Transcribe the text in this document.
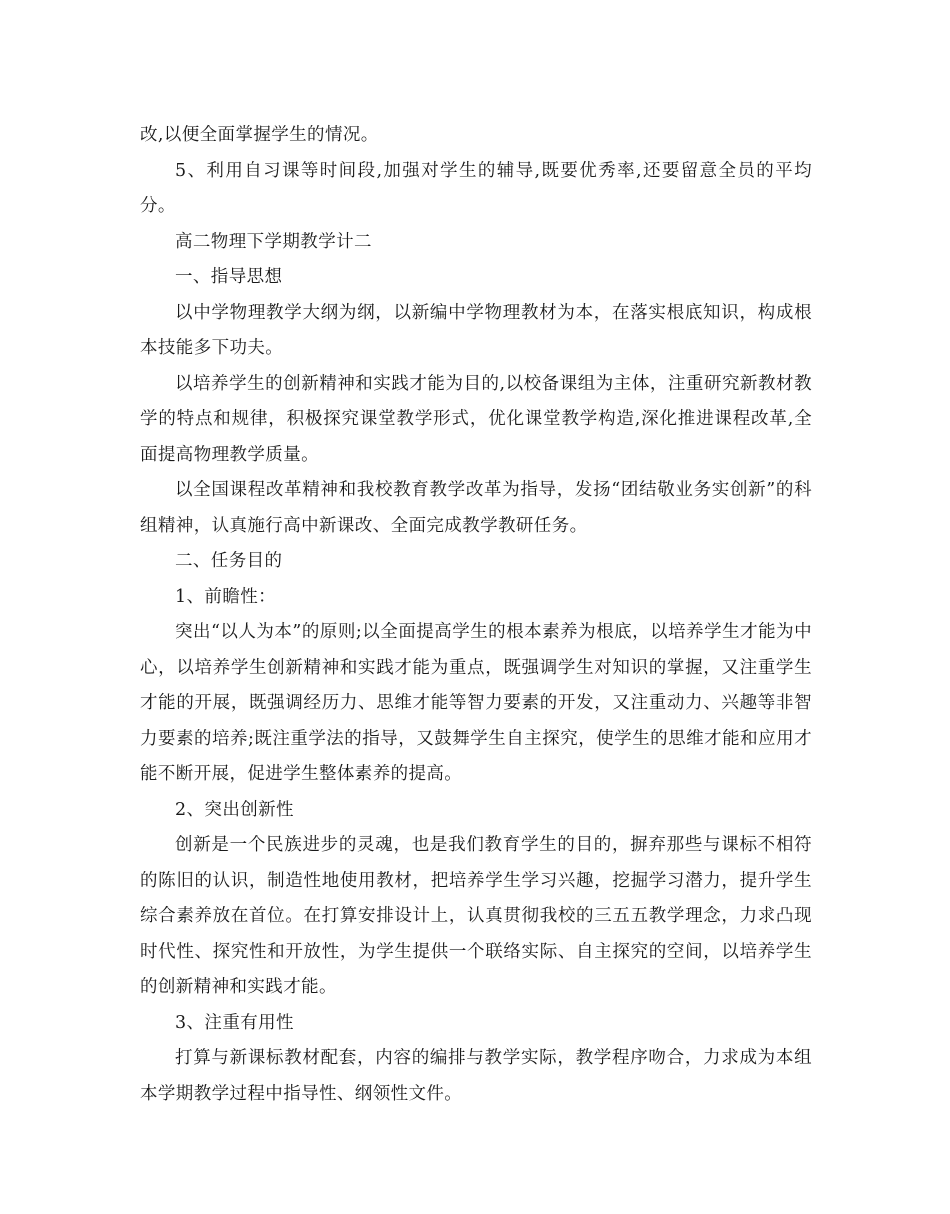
改,以便全面掌握学生的情况。

5、利用自习课等时间段,加强对学生的辅导,既要优秀率,还要留意全员的平均分。

高二物理下学期教学计二

一、指导思想

以中学物理教学大纲为纲，以新编中学物理教材为本，在落实根底知识，构成根本技能多下功夫。

以培养学生的创新精神和实践才能为目的,以校备课组为主体，注重研究新教材教学的特点和规律，积极探究课堂教学形式，优化课堂教学构造,深化推进课程改革,全面提高物理教学质量。

以全国课程改革精神和我校教育教学改革为指导，发扬“团结敬业务实创新”的科组精神，认真施行高中新课改、全面完成教学教研任务。

二、任务目的

1、前瞻性：

突出“以人为本”的原则;以全面提高学生的根本素养为根底，以培养学生才能为中心，以培养学生创新精神和实践才能为重点，既强调学生对知识的掌握，又注重学生才能的开展，既强调经历力、思维才能等智力要素的开发，又注重动力、兴趣等非智力要素的培养;既注重学法的指导，又鼓舞学生自主探究，使学生的思维才能和应用才能不断开展，促进学生整体素养的提高。

2、突出创新性

创新是一个民族进步的灵魂，也是我们教育学生的目的，摒弃那些与课标不相符的陈旧的认识，制造性地使用教材，把培养学生学习兴趣，挖掘学习潜力，提升学生综合素养放在首位。在打算安排设计上，认真贯彻我校的三五五教学理念，力求凸现时代性、探究性和开放性，为学生提供一个联络实际、自主探究的空间，以培养学生的创新精神和实践才能。

3、注重有用性

打算与新课标教材配套，内容的编排与教学实际，教学程序吻合，力求成为本组本学期教学过程中指导性、纲领性文件。
